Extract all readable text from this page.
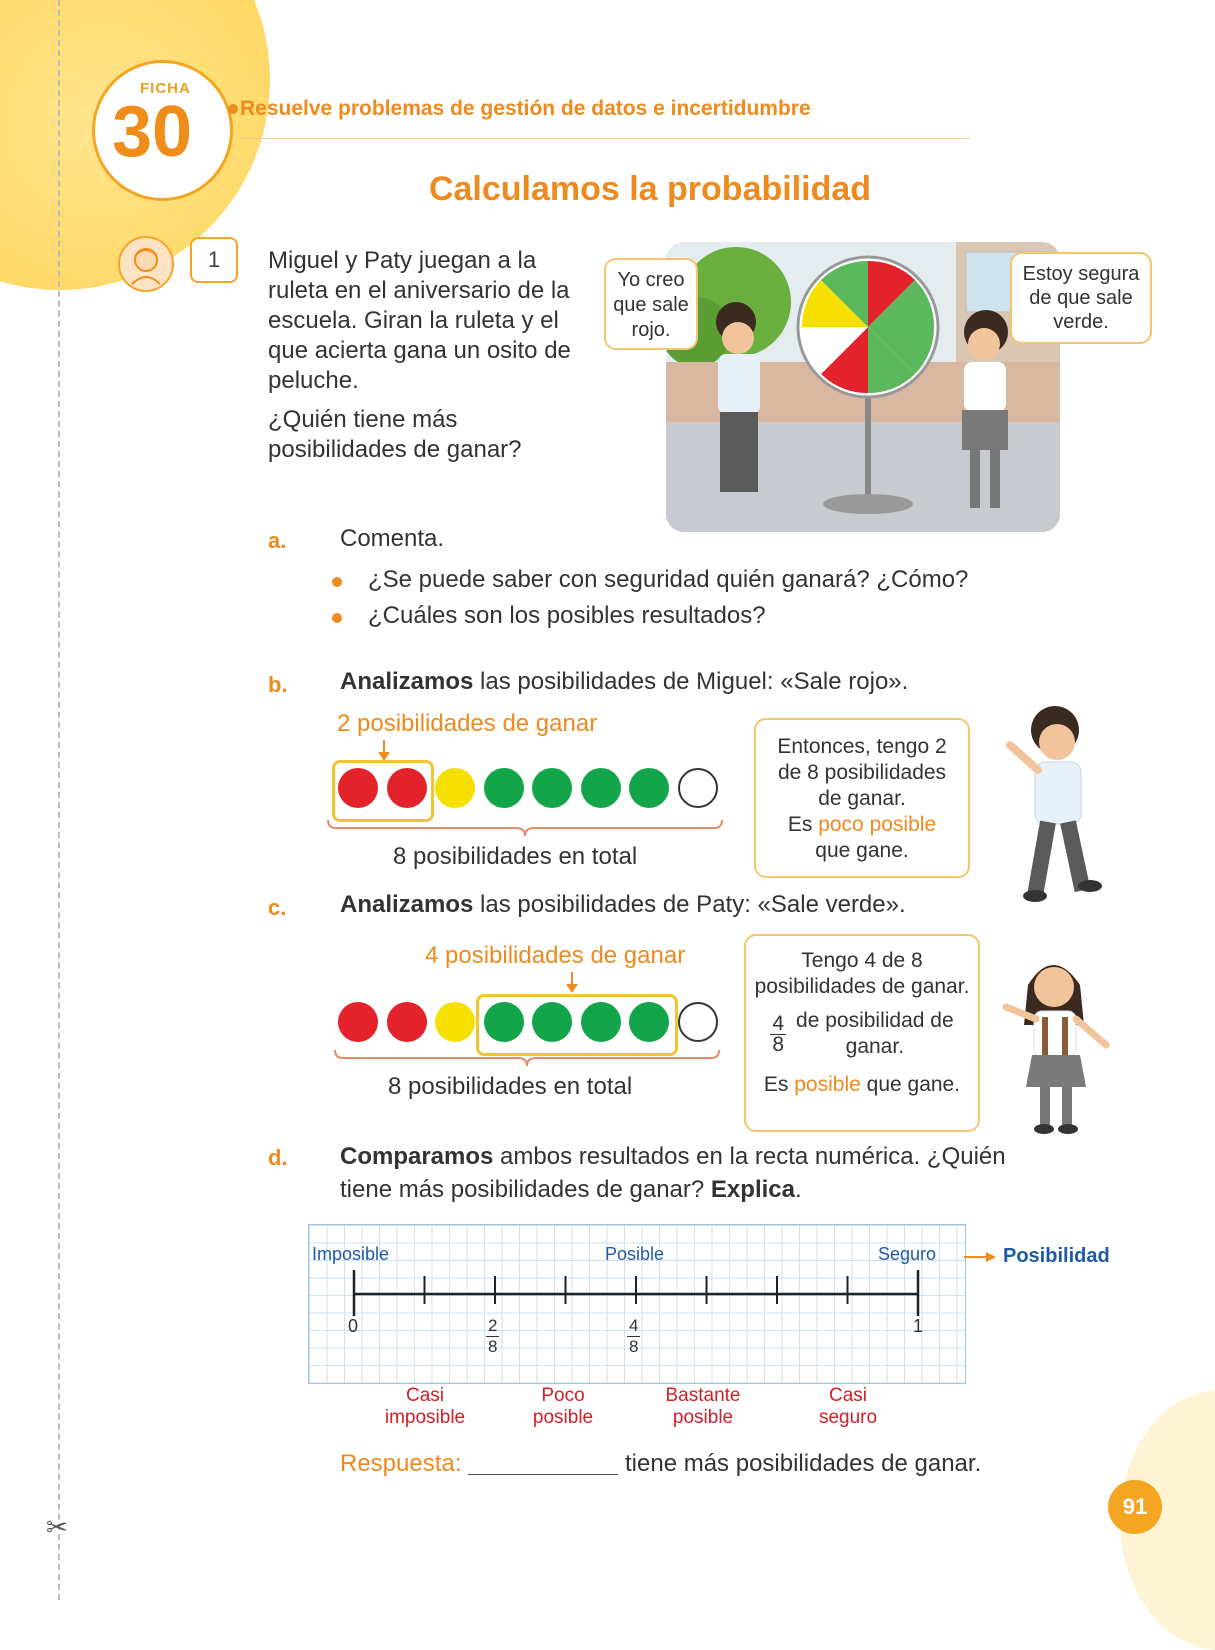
✂
FICHA
30 Resuelve problemas de gestión de datos e incertidumbre
Calculamos la probabilidad
1	Miguel y Paty juegan a la ruleta en el aniversario de la escuela. Giran la ruleta y el que acierta gana un osito de peluche.
¿Quién tiene más posibilidades de ganar?
Yo creo que sale rojo.
Estoy segura de que sale verde.
a. Comenta.
¿Se puede saber con seguridad quién ganará? ¿Cómo?
¿Cuáles son los posibles resultados?
b. Analizamos las posibilidades de Miguel: «Sale rojo».
2 posibilidades de ganar
8 posibilidades en total
Entonces, tengo 2
de 8 posibilidades
de ganar.
Es poco posible
que gane.
c. Analizamos las posibilidades de Paty: «Sale verde».
4 posibilidades de ganar
8 posibilidades en total
Tengo 4 de 8
posibilidades de ganar.
$\frac{4}{8}$ de posibilidad de
ganar.
Es posible que gane.
d. Comparamos ambos resultados en la recta numérica. ¿Quién tiene más posibilidades de ganar? Explica.
Imposible	Posible	Seguro	Posibilidad
0	1
$\frac{2}{8}$	$\frac{4}{8}$
Casi
imposible
Poco
posible
Bastante
posible
Casi
seguro
Respuesta:	tiene más posibilidades de ganar.
91
